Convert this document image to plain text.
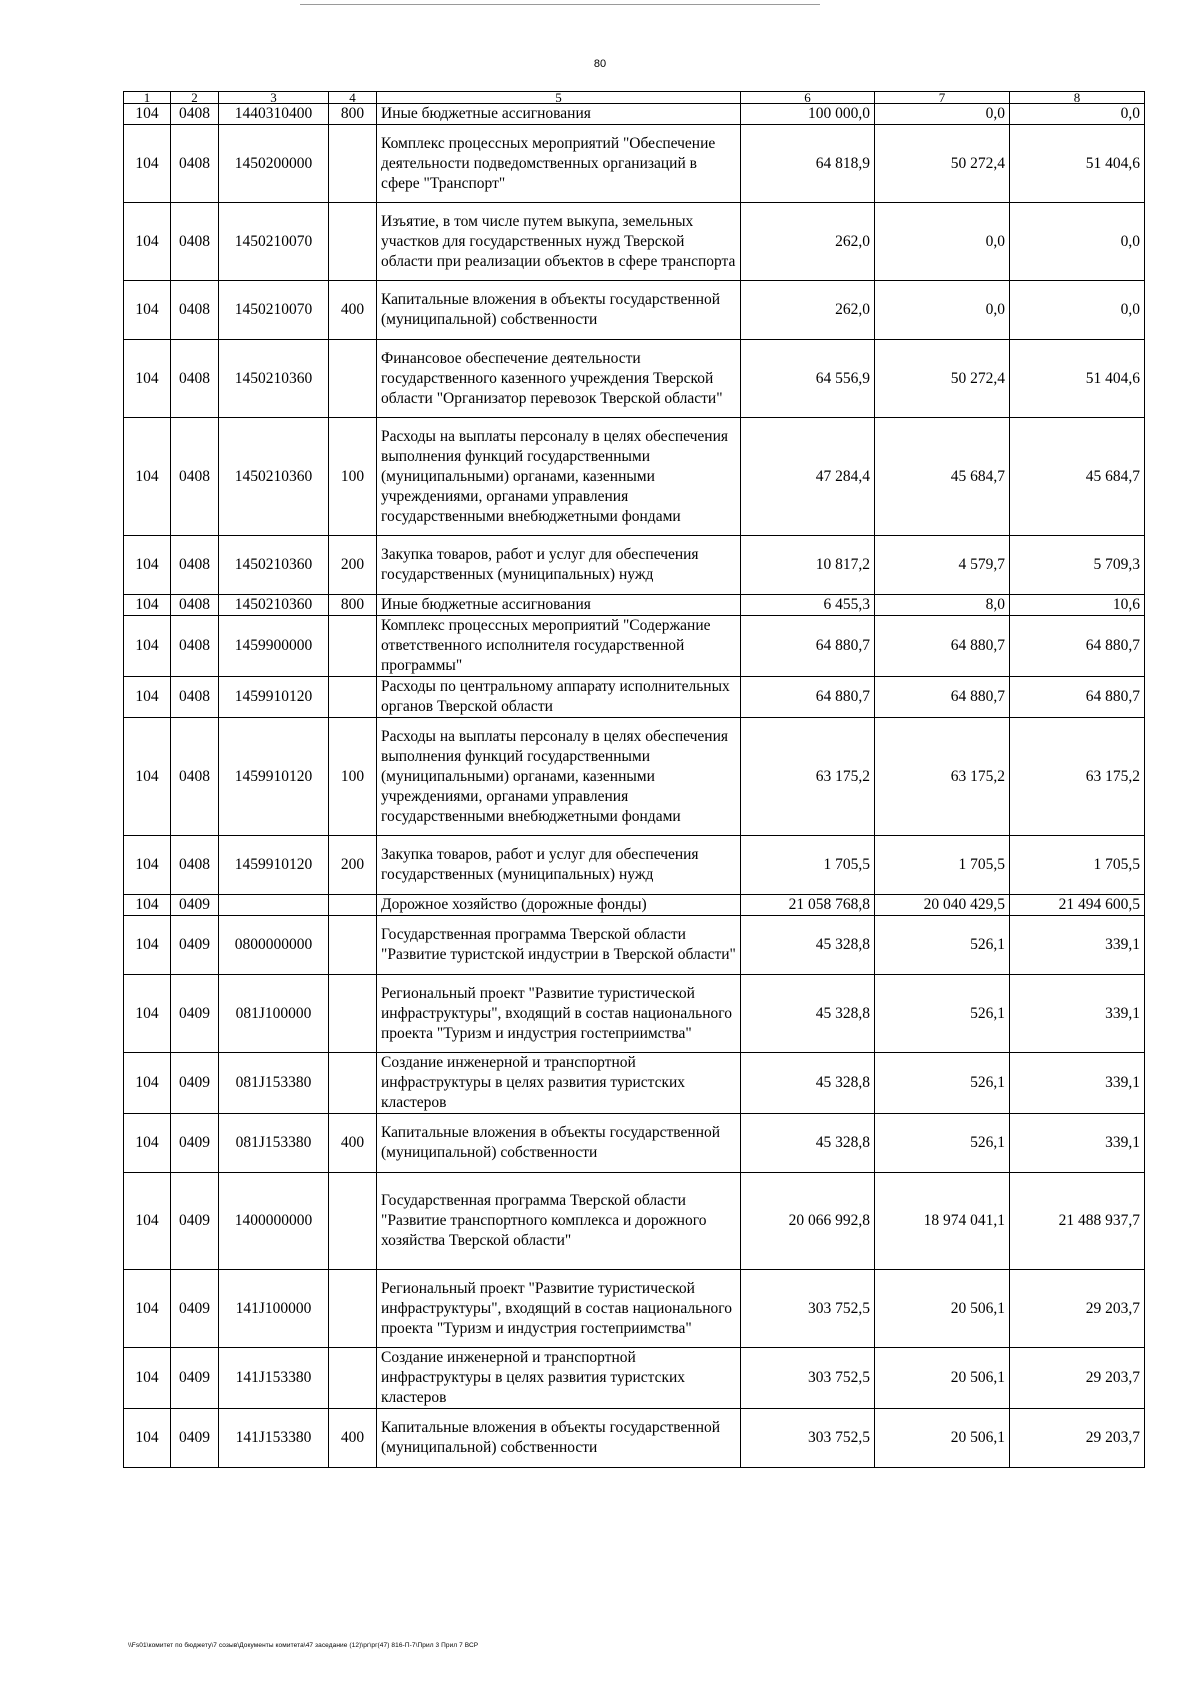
80
1	2	3	4	5	6	7	8
104	0408	1440310400	800	Иные бюджетные ассигнования	100 000,0	0,0	0,0
104	0408	1450200000		Комплекс процессных мероприятий "Обеспечение деятельности подведомственных организаций в сфере "Транспорт"	64 818,9	50 272,4	51 404,6
104	0408	1450210070		Изъятие, в том числе путем выкупа, земельных участков для государственных нужд Тверской области при реализации объектов в сфере транспорта	262,0	0,0	0,0
104	0408	1450210070	400	Капитальные вложения в объекты государственной (муниципальной) собственности	262,0	0,0	0,0
104	0408	1450210360		Финансовое обеспечение деятельности государственного казенного учреждения Тверской области "Организатор перевозок Тверской области"	64 556,9	50 272,4	51 404,6
104	0408	1450210360	100	Расходы на выплаты персоналу в целях обеспечения выполнения функций государственными (муниципальными) органами, казенными учреждениями, органами управления государственными внебюджетными фондами	47 284,4	45 684,7	45 684,7
104	0408	1450210360	200	Закупка товаров, работ и услуг для обеспечения государственных (муниципальных) нужд	10 817,2	4 579,7	5 709,3
104	0408	1450210360	800	Иные бюджетные ассигнования	6 455,3	8,0	10,6
104	0408	1459900000		Комплекс процессных мероприятий "Содержание ответственного исполнителя государственной программы"	64 880,7	64 880,7	64 880,7
104	0408	1459910120		Расходы по центральному аппарату исполнительных органов Тверской области	64 880,7	64 880,7	64 880,7
104	0408	1459910120	100	Расходы на выплаты персоналу в целях обеспечения выполнения функций государственными (муниципальными) органами, казенными учреждениями, органами управления государственными внебюджетными фондами	63 175,2	63 175,2	63 175,2
104	0408	1459910120	200	Закупка товаров, работ и услуг для обеспечения государственных (муниципальных) нужд	1 705,5	1 705,5	1 705,5
104	0409			Дорожное хозяйство (дорожные фонды)	21 058 768,8	20 040 429,5	21 494 600,5
104	0409	0800000000		Государственная программа Тверской области "Развитие туристской индустрии в Тверской области"	45 328,8	526,1	339,1
104	0409	081J100000		Региональный проект "Развитие туристической инфраструктуры", входящий в состав национального проекта "Туризм и индустрия гостеприимства"	45 328,8	526,1	339,1
104	0409	081J153380		Создание инженерной и транспортной инфраструктуры в целях развития туристских кластеров	45 328,8	526,1	339,1
104	0409	081J153380	400	Капитальные вложения в объекты государственной (муниципальной) собственности	45 328,8	526,1	339,1
104	0409	1400000000		Государственная программа Тверской области "Развитие транспортного комплекса и дорожного хозяйства Тверской области"	20 066 992,8	18 974 041,1	21 488 937,7
104	0409	141J100000		Региональный проект "Развитие туристической инфраструктуры", входящий в состав национального проекта "Туризм и индустрия гостеприимства"	303 752,5	20 506,1	29 203,7
104	0409	141J153380		Создание инженерной и транспортной инфраструктуры в целях развития туристских кластеров	303 752,5	20 506,1	29 203,7
104	0409	141J153380	400	Капитальные вложения в объекты государственной (муниципальной) собственности	303 752,5	20 506,1	29 203,7
\\Fs01\комитет по бюджету\7 созыв\Документы комитета\47 заседание (12)\рг\рг(47) 816-П-7\Прил 3 Прил 7 ВСР
